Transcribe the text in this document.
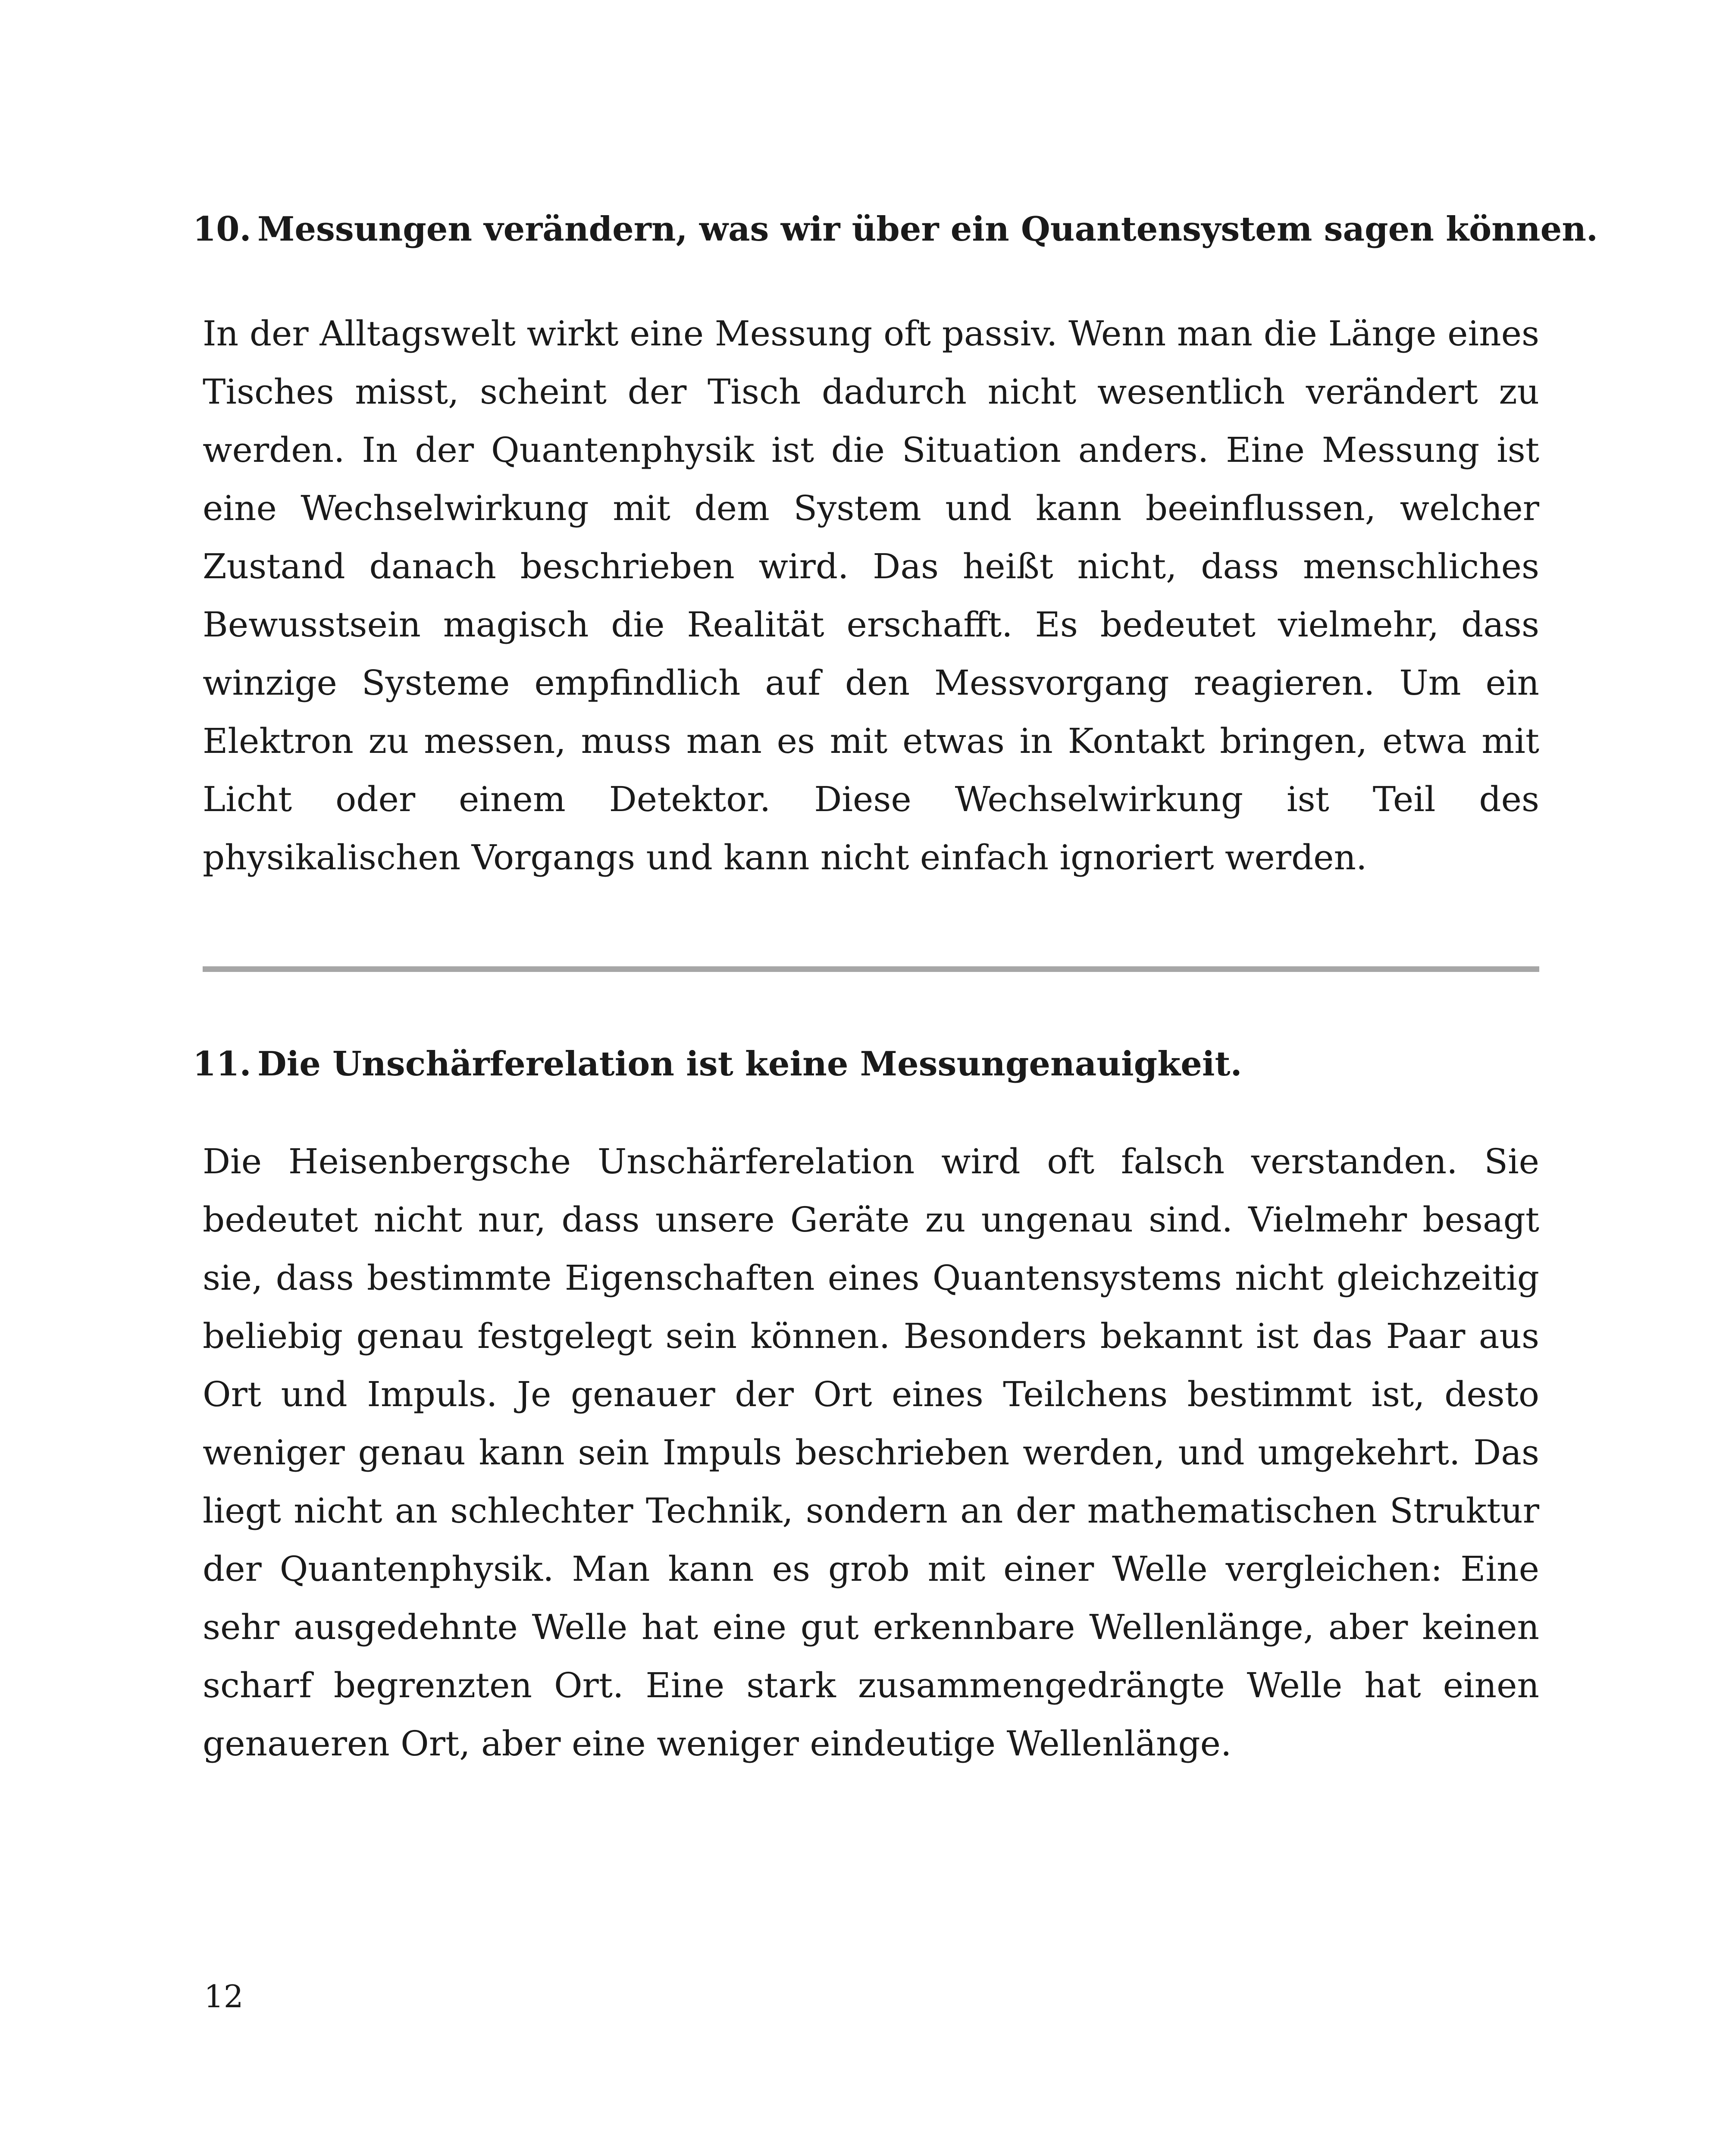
10. Messungen verändern, was wir über ein Quantensystem sagen können.

In der Alltagswelt wirkt eine Messung oft passiv. Wenn man die Länge eines Tisches misst, scheint der Tisch dadurch nicht wesentlich verändert zu werden. In der Quantenphysik ist die Situation anders. Eine Messung ist eine Wechselwirkung mit dem System und kann beeinflussen, welcher Zustand danach beschrieben wird. Das heißt nicht, dass menschliches Bewusstsein magisch die Realität erschafft. Es bedeutet vielmehr, dass winzige Systeme empfindlich auf den Messvorgang reagieren. Um ein Elektron zu messen, muss man es mit etwas in Kontakt bringen, etwa mit Licht oder einem Detektor. Diese Wechselwirkung ist Teil des physikalischen Vorgangs und kann nicht einfach ignoriert werden.

11. Die Unschärferelation ist keine Messungenauigkeit.

Die Heisenbergsche Unschärferelation wird oft falsch verstanden. Sie bedeutet nicht nur, dass unsere Geräte zu ungenau sind. Vielmehr besagt sie, dass bestimmte Eigenschaften eines Quantensystems nicht gleichzeitig beliebig genau festgelegt sein können. Besonders bekannt ist das Paar aus Ort und Impuls. Je genauer der Ort eines Teilchens bestimmt ist, desto weniger genau kann sein Impuls beschrieben werden, und umgekehrt. Das liegt nicht an schlechter Technik, sondern an der mathematischen Struktur der Quantenphysik. Man kann es grob mit einer Welle vergleichen: Eine sehr ausgedehnte Welle hat eine gut erkennbare Wellenlänge, aber keinen scharf begrenzten Ort. Eine stark zusammengedrängte Welle hat einen genaueren Ort, aber eine weniger eindeutige Wellenlänge.

12
